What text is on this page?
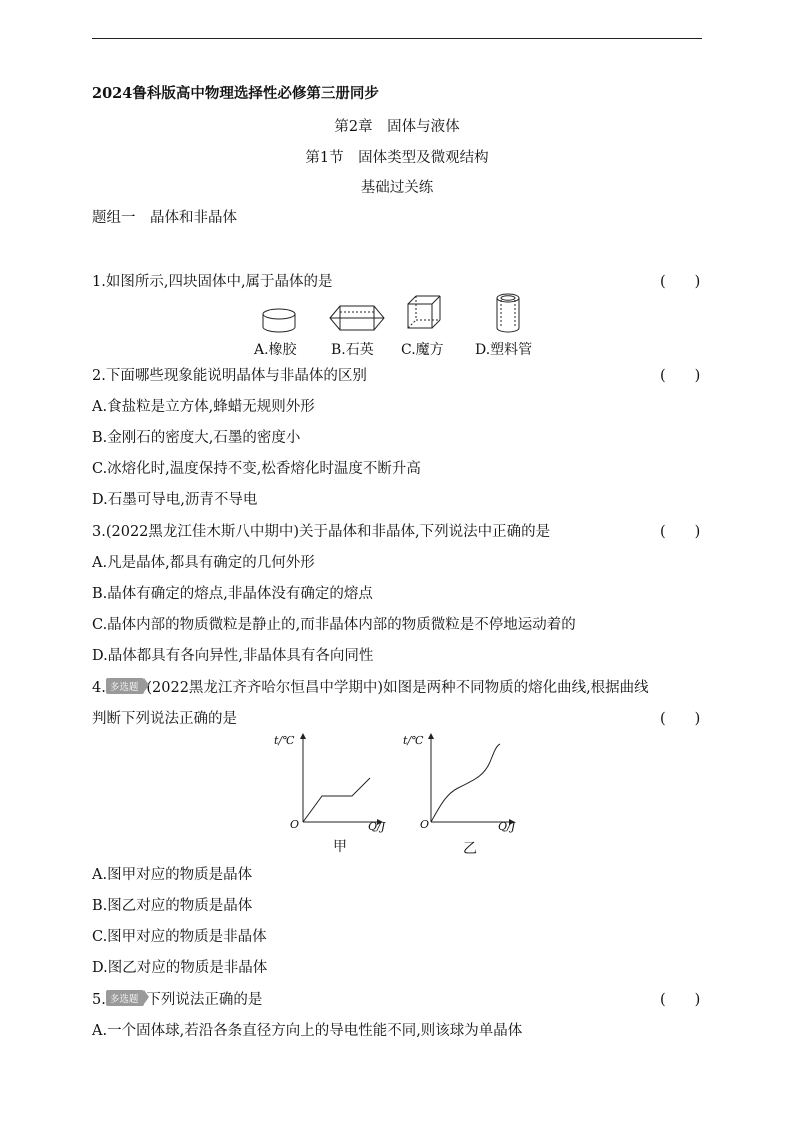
2024鲁科版高中物理选择性必修第三册同步
第2章　固体与液体
第1节　固体类型及微观结构
基础过关练
题组一　晶体和非晶体
1.如图所示,四块固体中,属于晶体的是	(　　)
A.橡胶 B.石英 C.魔方 D.塑料管
2.下面哪些现象能说明晶体与非晶体的区别	(　　)
A.食盐粒是立方体,蜂蜡无规则外形
B.金刚石的密度大,石墨的密度小
C.冰熔化时,温度保持不变,松香熔化时温度不断升高
D.石墨可导电,沥青不导电
3.(2022黑龙江佳木斯八中期中)关于晶体和非晶体,下列说法中正确的是	(　　)
A.凡是晶体,都具有确定的几何外形
B.晶体有确定的熔点,非晶体没有确定的熔点
C.晶体内部的物质微粒是静止的,而非晶体内部的物质微粒是不停地运动着的
D.晶体都具有各向异性,非晶体具有各向同性
4. 多选题 (2022黑龙江齐齐哈尔恒昌中学期中)如图是两种不同物质的熔化曲线,根据曲线
判断下列说法正确的是	(　　)
t/℃
O	Q/J
甲
t/℃
O	Q/J
乙
A.图甲对应的物质是晶体
B.图乙对应的物质是晶体
C.图甲对应的物质是非晶体
D.图乙对应的物质是非晶体
5. 多选题 下列说法正确的是	(　　)
A.一个固体球,若沿各条直径方向上的导电性能不同,则该球为单晶体
